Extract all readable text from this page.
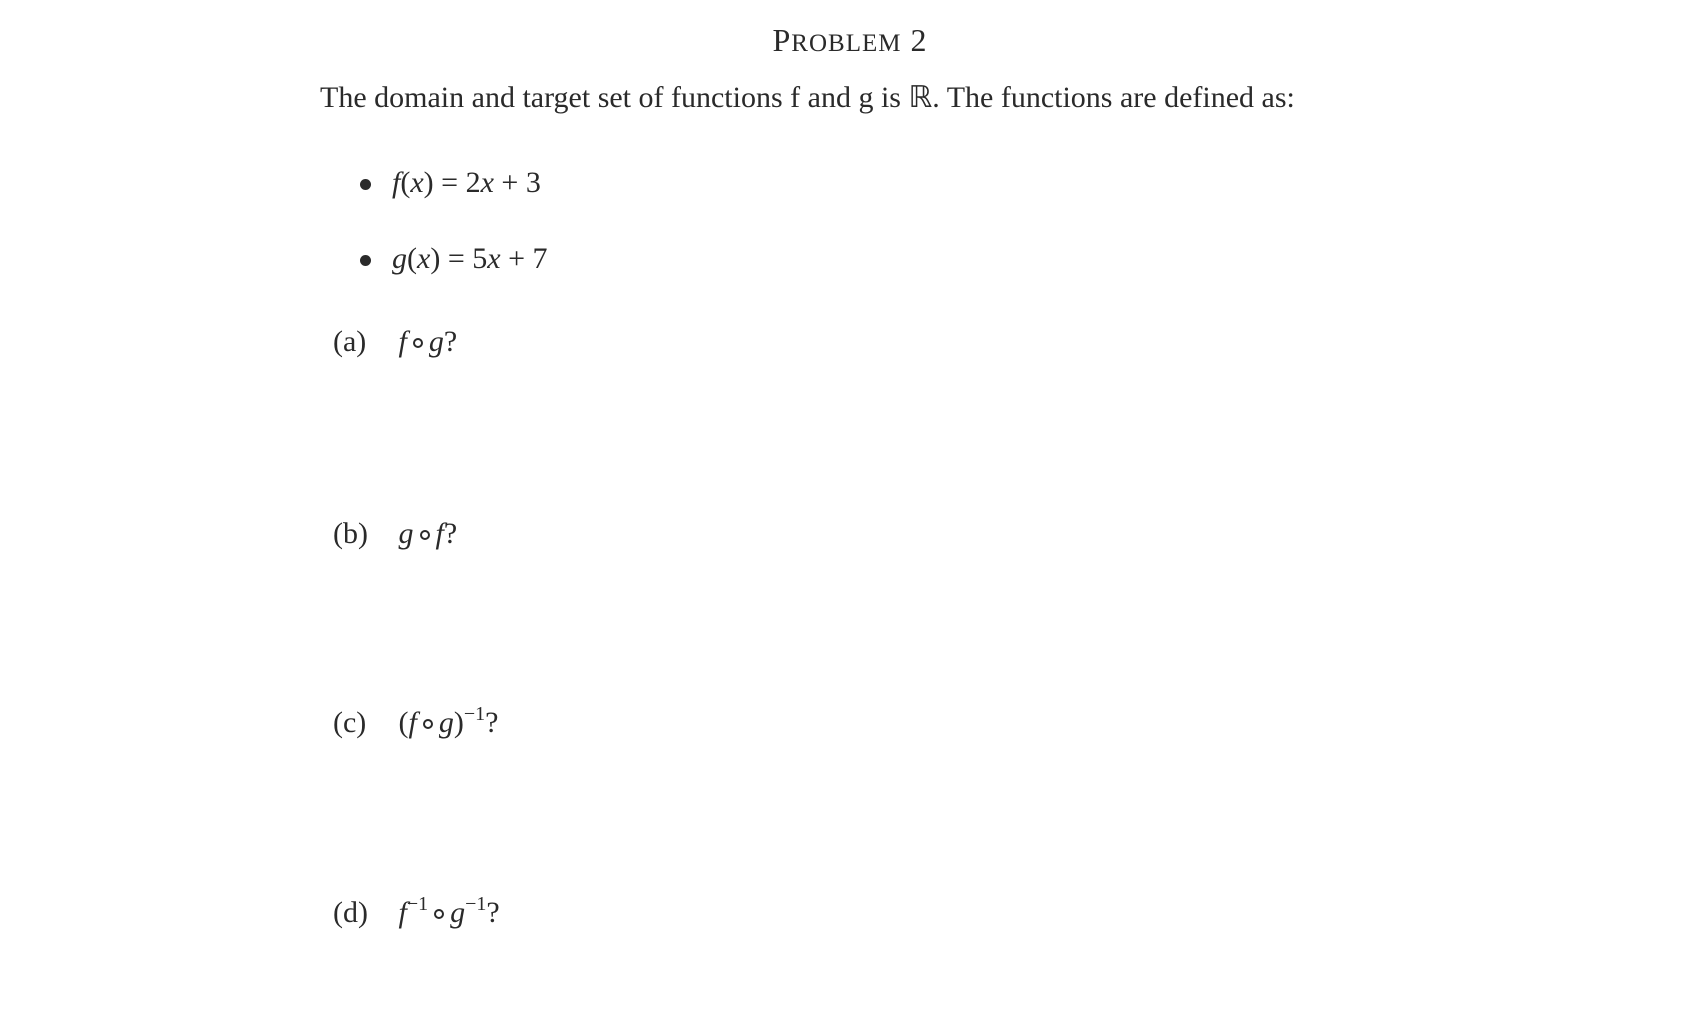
PROBLEM 2
The domain and target set of functions f and g is ℝ. The functions are defined as:
f(x) = 2x + 3
g(x) = 5x + 7
(a) f g?
(b) g f?
(c) (f g)$^{-1}$?
(d) $f^{-1}$ $g^{-1}$?
